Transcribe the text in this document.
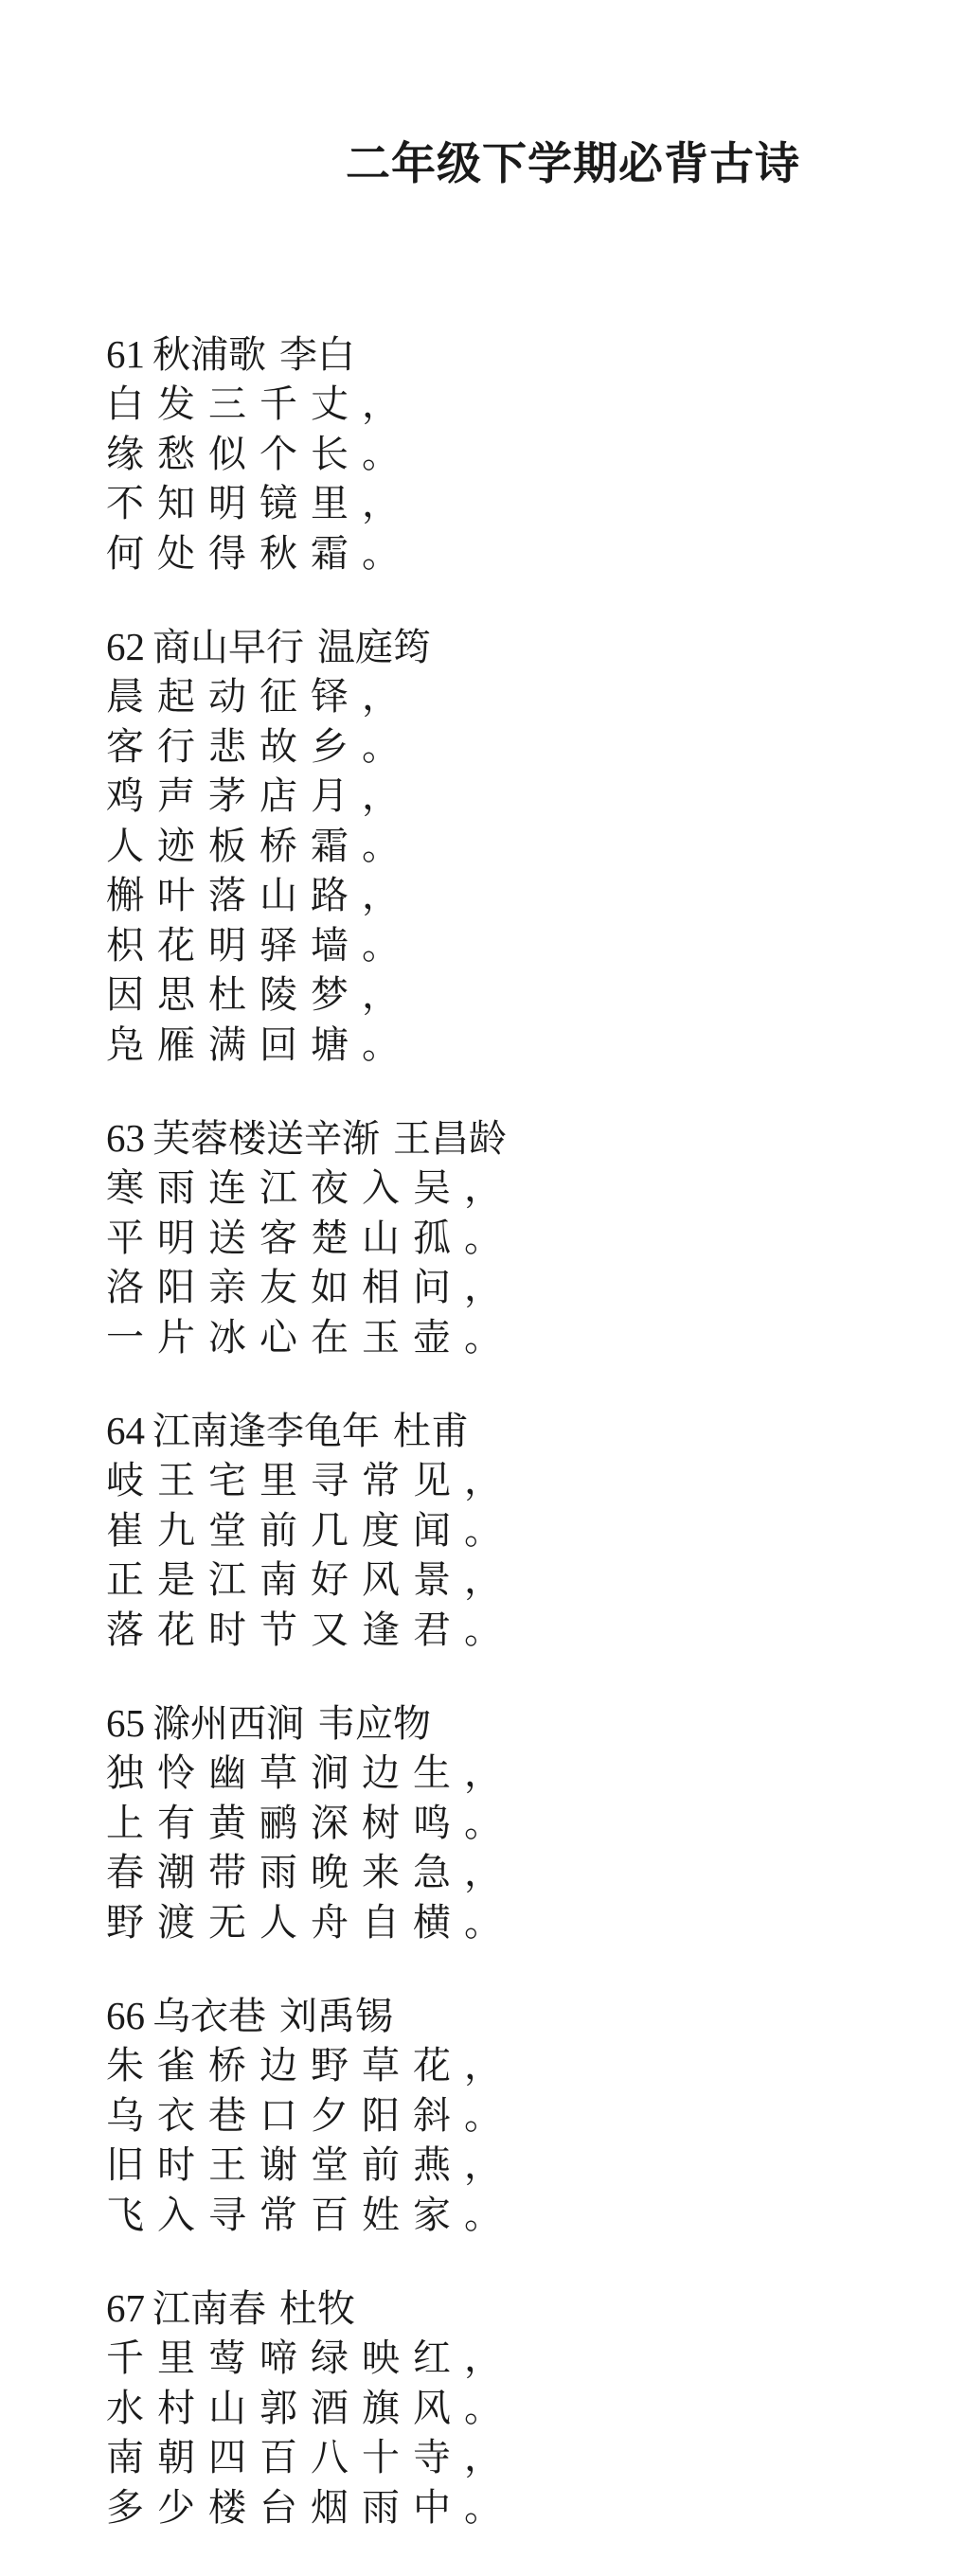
二年级下学期必背古诗
61 秋浦歌 李白
白发三千丈，
缘愁似个长。
不知明镜里，
何处得秋霜。
62 商山早行 温庭筠
晨起动征铎，
客行悲故乡。
鸡声茅店月，
人迹板桥霜。
槲叶落山路，
枳花明驿墙。
因思杜陵梦，
凫雁满回塘。
63 芙蓉楼送辛渐 王昌龄
寒雨连江夜入吴，
平明送客楚山孤。
洛阳亲友如相问，
一片冰心在玉壶。
64 江南逢李龟年 杜甫
岐王宅里寻常见，
崔九堂前几度闻。
正是江南好风景，
落花时节又逢君。
65 滁州西涧 韦应物
独怜幽草涧边生，
上有黄鹂深树鸣。
春潮带雨晚来急，
野渡无人舟自横。
66 乌衣巷 刘禹锡
朱雀桥边野草花，
乌衣巷口夕阳斜。
旧时王谢堂前燕，
飞入寻常百姓家。
67 江南春 杜牧
千里莺啼绿映红，
水村山郭酒旗风。
南朝四百八十寺，
多少楼台烟雨中。
